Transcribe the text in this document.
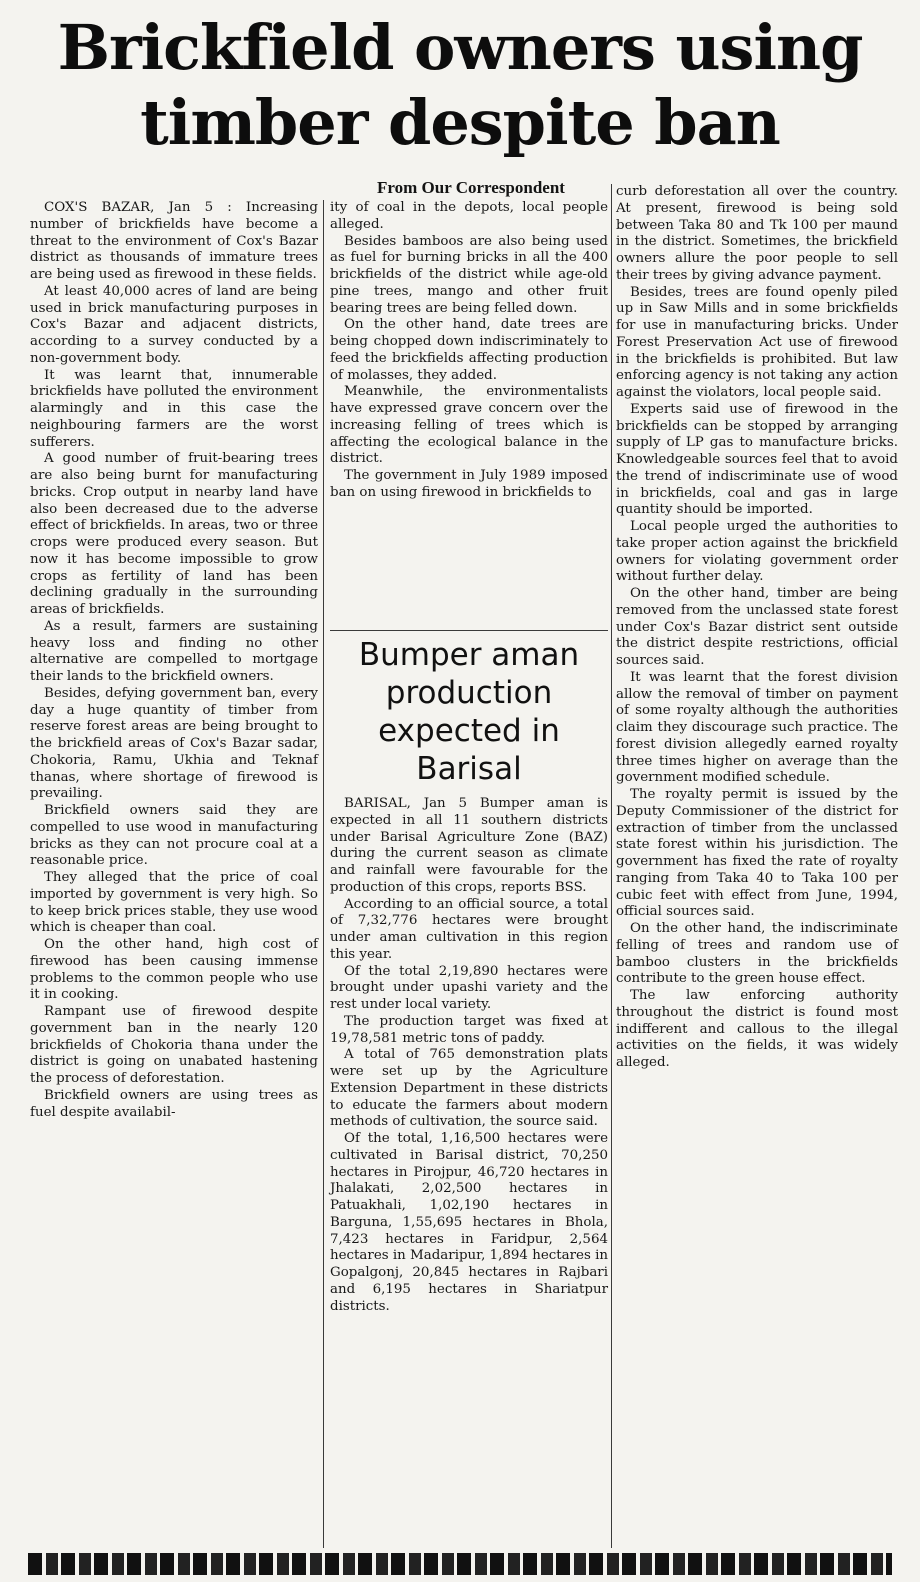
Brickfield owners using timber despite ban
From Our Correspondent

COX'S BAZAR, Jan 5 : Increasing number of brickfields have become a threat to the environment of Cox's Bazar district as thousands of immature trees are being used as firewood in these fields.

At least 40,000 acres of land are being used in brick manufacturing purposes in Cox's Bazar and adjacent districts, according to a survey conducted by a non-government body.

It was learnt that, innumerable brickfields have polluted the environment alarmingly and in this case the neighbouring farmers are the worst sufferers.

A good number of fruit-bearing trees are also being burnt for manufacturing bricks. Crop output in nearby land have also been decreased due to the adverse effect of brickfields. In areas, two or three crops were produced every season. But now it has become impossible to grow crops as fertility of land has been declining gradually in the surrounding areas of brickfields.

As a result, farmers are sustaining heavy loss and finding no other alternative are compelled to mortgage their lands to the brickfield owners.

Besides, defying government ban, every day a huge quantity of timber from reserve forest areas are being brought to the brickfield areas of Cox's Bazar sadar, Chokoria, Ramu, Ukhia and Teknaf thanas, where shortage of firewood is prevailing.

Brickfield owners said they are compelled to use wood in manufacturing bricks as they can not procure coal at a reasonable price.

They alleged that the price of coal imported by government is very high. So to keep brick prices stable, they use wood which is cheaper than coal.

On the other hand, high cost of firewood has been causing immense problems to the common people who use it in cooking.

Rampant use of firewood despite government ban in the nearly 120 brickfields of Chokoria thana under the district is going on unabated hastening the process of deforestation.

Brickfield owners are using trees as fuel despite availabil-

ity of coal in the depots, local people alleged.

Besides bamboos are also being used as fuel for burning bricks in all the 400 brickfields of the district while age-old pine trees, mango and other fruit bearing trees are being felled down.

On the other hand, date trees are being chopped down indiscriminately to feed the brickfields affecting production of molasses, they added.

Meanwhile, the environmentalists have expressed grave concern over the increasing felling of trees which is affecting the ecological balance in the district.

The government in July 1989 imposed ban on using firewood in brickfields to

Bumper aman production expected in Barisal

BARISAL, Jan 5 Bumper aman is expected in all 11 southern districts under Barisal Agriculture Zone (BAZ) during the current season as climate and rainfall were favourable for the production of this crops, reports BSS.

According to an official source, a total of 7,32,776 hectares were brought under aman cultivation in this region this year.

Of the total 2,19,890 hectares were brought under upashi variety and the rest under local variety.

The production target was fixed at 19,78,581 metric tons of paddy.

A total of 765 demonstration plats were set up by the Agriculture Extension Department in these districts to educate the farmers about modern methods of cultivation, the source said.

Of the total, 1,16,500 hectares were cultivated in Barisal district, 70,250 hectares in Pirojpur, 46,720 hectares in Jhalakati, 2,02,500 hectares in Patuakhali, 1,02,190 hectares in Barguna, 1,55,695 hectares in Bhola, 7,423 hectares in Faridpur, 2,564 hectares in Madaripur, 1,894 hectares in Gopalgonj, 20,845 hectares in Rajbari and 6,195 hectares in Shariatpur districts.

curb deforestation all over the country. At present, firewood is being sold between Taka 80 and Tk 100 per maund in the district. Sometimes, the brickfield owners allure the poor people to sell their trees by giving advance payment.

Besides, trees are found openly piled up in Saw Mills and in some brickfields for use in manufacturing bricks. Under Forest Preservation Act use of firewood in the brickfields is prohibited. But law enforcing agency is not taking any action against the violators, local people said.

Experts said use of firewood in the brickfields can be stopped by arranging supply of LP gas to manufacture bricks. Knowledgeable sources feel that to avoid the trend of indiscriminate use of wood in brickfields, coal and gas in large quantity should be imported.

Local people urged the authorities to take proper action against the brickfield owners for violating government order without further delay.

On the other hand, timber are being removed from the unclassed state forest under Cox's Bazar district sent outside the district despite restrictions, official sources said.

It was learnt that the forest division allow the removal of timber on payment of some royalty although the authorities claim they discourage such practice. The forest division allegedly earned royalty three times higher on average than the government modified schedule.

The royalty permit is issued by the Deputy Commissioner of the district for extraction of timber from the unclassed state forest within his jurisdiction. The government has fixed the rate of royalty ranging from Taka 40 to Taka 100 per cubic feet with effect from June, 1994, official sources said.

On the other hand, the indiscriminate felling of trees and random use of bamboo clusters in the brickfields contribute to the green house effect.

The law enforcing authority throughout the district is found most indifferent and callous to the illegal activities on the fields, it was widely alleged.
